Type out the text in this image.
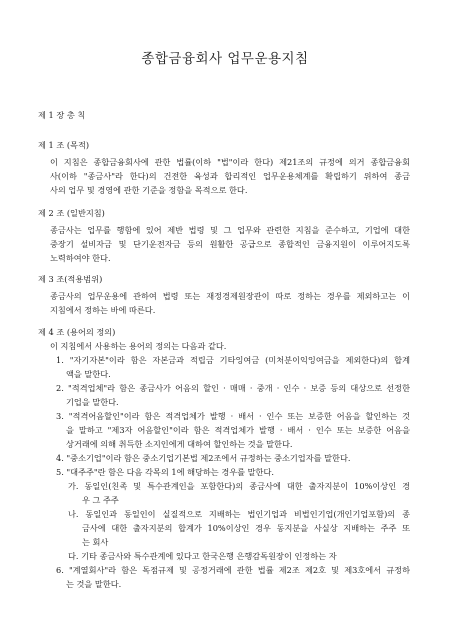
종합금융회사 업무운용지침
제 1 장 총 칙
제 1 조 (목적)
이 지침은 종합금융회사에 관한 법률(이하 "법"이라 한다) 제21조의 규정에 의거 종합금융회
사(이하 "종금사"라 한다)의 건전한 육성과 합리적인 업무운용체계를 확립하기 위하여 종금
사의 업무 및 경영에 관한 기준을 정함을 목적으로 한다.
제 2 조 (일반지침)
종금사는 업무를 행함에 있어 제반 법령 및 그 업무와 관련한 지침을 준수하고, 기업에 대한
중장기 설비자금 및 단기운전자금 등의 원활한 공급으로 종합적인 금융지원이 이루어지도록
노력하여야 한다.
제 3 조(적용범위)
종금사의 업무운용에 관하여 법령 또는 재정경제원장관이 따로 정하는 경우를 제외하고는 이
지침에서 정하는 바에 따른다.
제 4 조 (용어의 정의)
이 지침에서 사용하는 용어의 정의는 다음과 같다.
1. "자기자본"이라 함은 자본금과 적립금 기타잉여금 (미처분이익잉여금을 제외한다)의 합계
액을 말한다.
2. "적격업체"라 함은 종금사가 어음의 할인 · 매매 · 중개 · 인수 · 보증 등의 대상으로 선정한
기업을 말한다.
3. "적격어음할인"이라 함은 적격업체가 발행 · 배서 · 인수 또는 보증한 어음을 할인하는 것
을 말하고 "제3자 어음할인"이라 함은 적격업체가 발행 · 배서 · 인수 또는 보증한 어음을
상거래에 의해 취득한 소지인에게 대하여 할인하는 것을 말한다.
4. "중소기업"이라 함은 중소기업기본법 제2조에서 규정하는 중소기업자를 말한다.
5. "대주주"란 함은 다음 각목의 1에 해당하는 경우를 말한다.
가. 동일인(친족 및 특수관계인을 포함한다)의 종금사에 대한 출자지분이 10%이상인 경
우 그 주주
나. 동일인과 동일인이 실질적으로 지배하는 법인기업과 비법인기업(개인기업포함)의 종
금사에 대한 출자지분의 합계가 10%이상인 경우 동지분을 사실상 지배하는 주주 또
는 회사
다. 기타 종금사와 특수관계에 있다고 한국은행 은행감독원장이 인정하는 자
6. "계열회사"라 함은 독점규제 및 공정거래에 관한 법률 제2조 제2호 및 제3호에서 규정하
는 것을 말한다.
